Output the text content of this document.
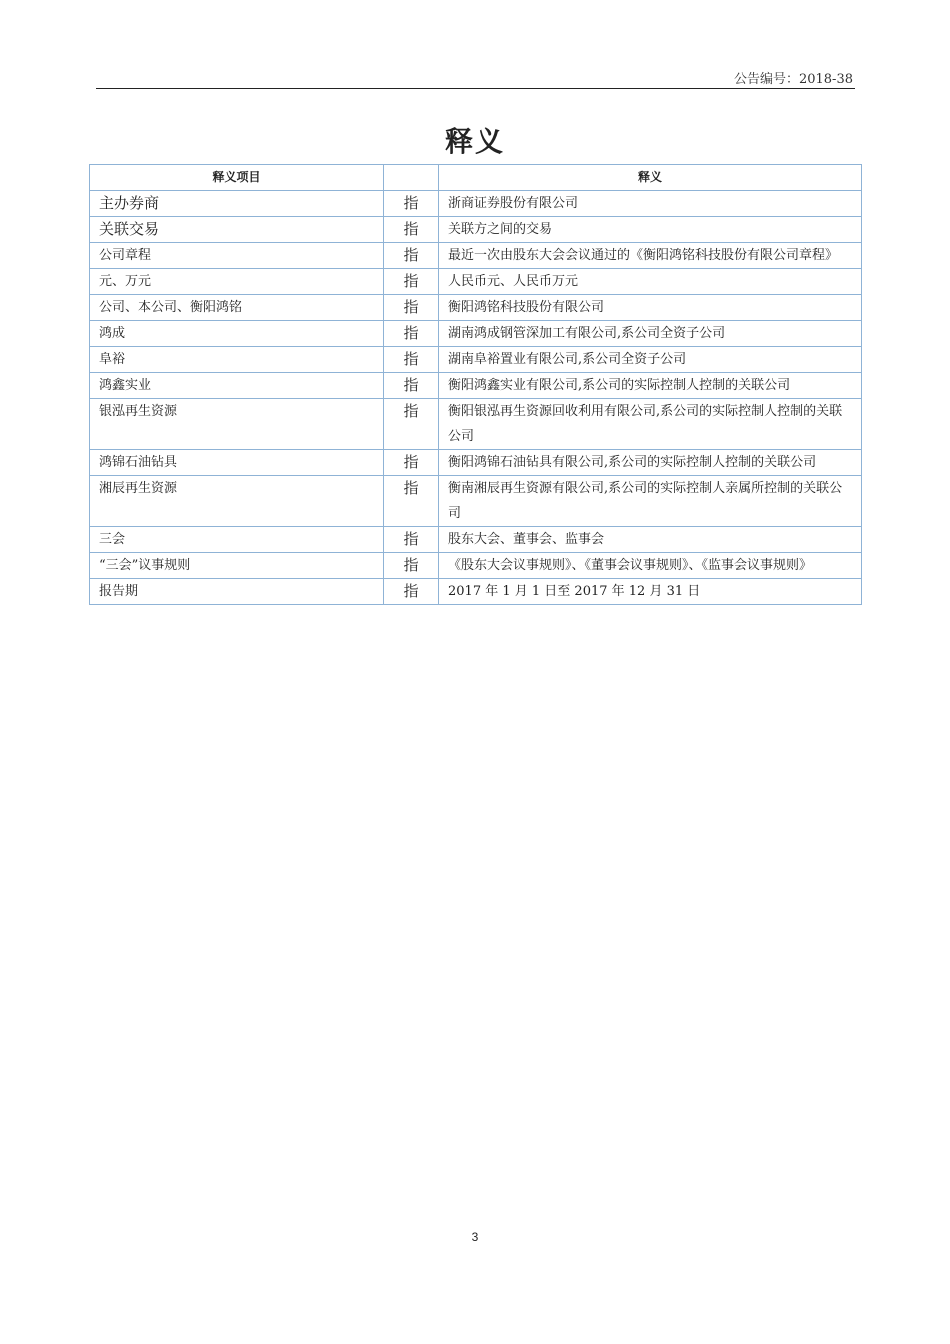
公告编号：2018-38
释义
释义项目		释义
主办券商	指	浙商证券股份有限公司
关联交易	指	关联方之间的交易
公司章程	指	最近一次由股东大会会议通过的《衡阳鸿铭科技股份有限公司章程》
元、万元	指	人民币元、人民币万元
公司、本公司、衡阳鸿铭	指	衡阳鸿铭科技股份有限公司
鸿成	指	湖南鸿成钢管深加工有限公司,系公司全资子公司
阜裕	指	湖南阜裕置业有限公司,系公司全资子公司
鸿鑫实业	指	衡阳鸿鑫实业有限公司,系公司的实际控制人控制的关联公司
银泓再生资源	指	衡阳银泓再生资源回收利用有限公司,系公司的实际控制人控制的关联公司
鸿锦石油钻具	指	衡阳鸿锦石油钻具有限公司,系公司的实际控制人控制的关联公司
湘辰再生资源	指	衡南湘辰再生资源有限公司,系公司的实际控制人亲属所控制的关联公司
三会	指	股东大会、董事会、监事会
“三会”议事规则	指	《股东大会议事规则》、《董事会议事规则》、《监事会议事规则》
报告期	指	2017 年 1 月 1 日至 2017 年 12 月 31 日
3
